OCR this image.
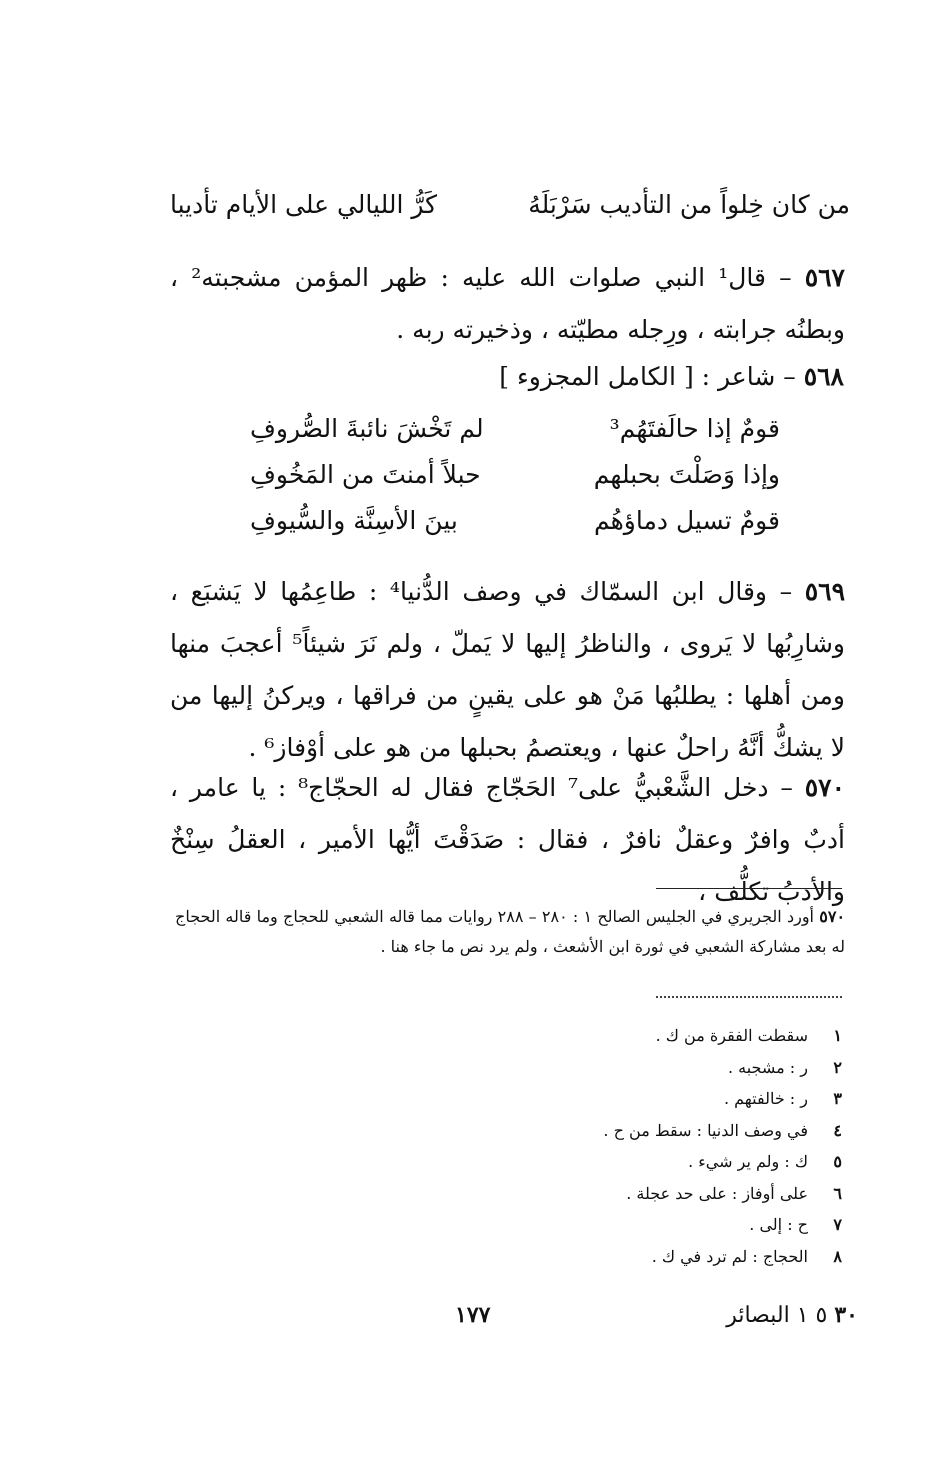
من كان خِلواً من التأديب سَرْبَلَهُ
كَرُّ الليالي على الأيام تأديبا
٥٦٧ – قال¹ النبي صلوات الله عليه : ظهر المؤمن مشجبته² ، وبطنُه جرابته ، ورِجله مطيّته ، وذخيرته ربه .
٥٦٨ – شاعر : [ الكامل المجزوء ]
قومٌ إذا حالَفتَهُم³
لم تَخْشَ نائبةَ الصُّروفِ
وإذا وَصَلْتَ بحبلهم
حبلاً أمنتَ من المَخُوفِ
قومٌ تسيل دماؤهُم
بينَ الأسِنَّة والسُّيوفِ
٥٦٩ – وقال ابن السمّاك في وصف الدُّنيا⁴ : طاعِمُها لا يَشبَع ، وشارِبُها لا يَروى ، والناظرُ إليها لا يَملّ ، ولم نَرَ شيئاً⁵ أعجبَ منها ومن أهلها : يطلبُها مَنْ هو على يقينٍ من فراقها ، ويركنُ إليها من لا يشكُّ أنَّهُ راحلٌ عنها ، ويعتصمُ بحبلها من هو على أوْفاز⁶ .
٥٧٠ – دخل الشَّعْبيُّ على⁷ الحَجّاج فقال له الحجّاج⁸ : يا عامر ، أدبٌ وافرٌ وعقلٌ نافرٌ ، فقال : صَدَقْتَ أيُّها الأمير ، العقلُ سِنْخٌ والأدبُ تكلُّف ،
٥٧٠ أورد الجريري في الجليس الصالح ١ : ٢٨٠ – ٢٨٨ روايات مما قاله الشعبي للحجاج وما قاله الحجاج له بعد مشاركة الشعبي في ثورة ابن الأشعث ، ولم يرد نص ما جاء هنا .
١سقطت الفقرة من ك .
٢ر : مشجبه .
٣ر : خالفتهم .
٤في وصف الدنيا : سقط من ح .
٥ك : ولم ير شيء .
٦على أوفاز : على حد عجلة .
٧ح : إلى .
٨الحجاج : لم ترد في ك .
١٧٧	٣٠ ٥ ١ البصائر
